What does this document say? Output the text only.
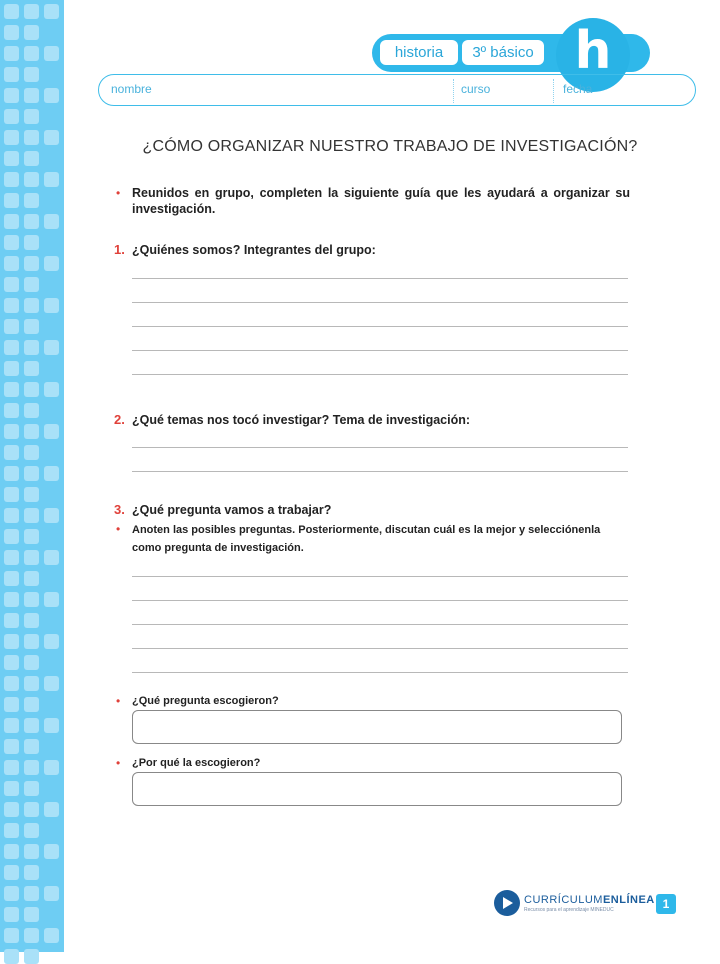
historia	3º básico h
nombre	curso	fecha
¿CÓMO ORGANIZAR NUESTRO TRABAJO DE INVESTIGACIÓN?
• Reunidos en grupo, completen la siguiente guía que les ayudará a organizar su investigación.
1. ¿Quiénes somos? Integrantes del grupo:
2. ¿Qué temas nos tocó investigar? Tema de investigación:
3. ¿Qué pregunta vamos a trabajar?
• Anoten las posibles preguntas. Posteriormente, discutan cuál es la mejor y selecciónenla como pregunta de investigación.
• ¿Qué pregunta escogieron?
• ¿Por qué la escogieron?
CURRÍCULUMENLÍNEA
Recursos para el aprendizaje MINEDUC	1
